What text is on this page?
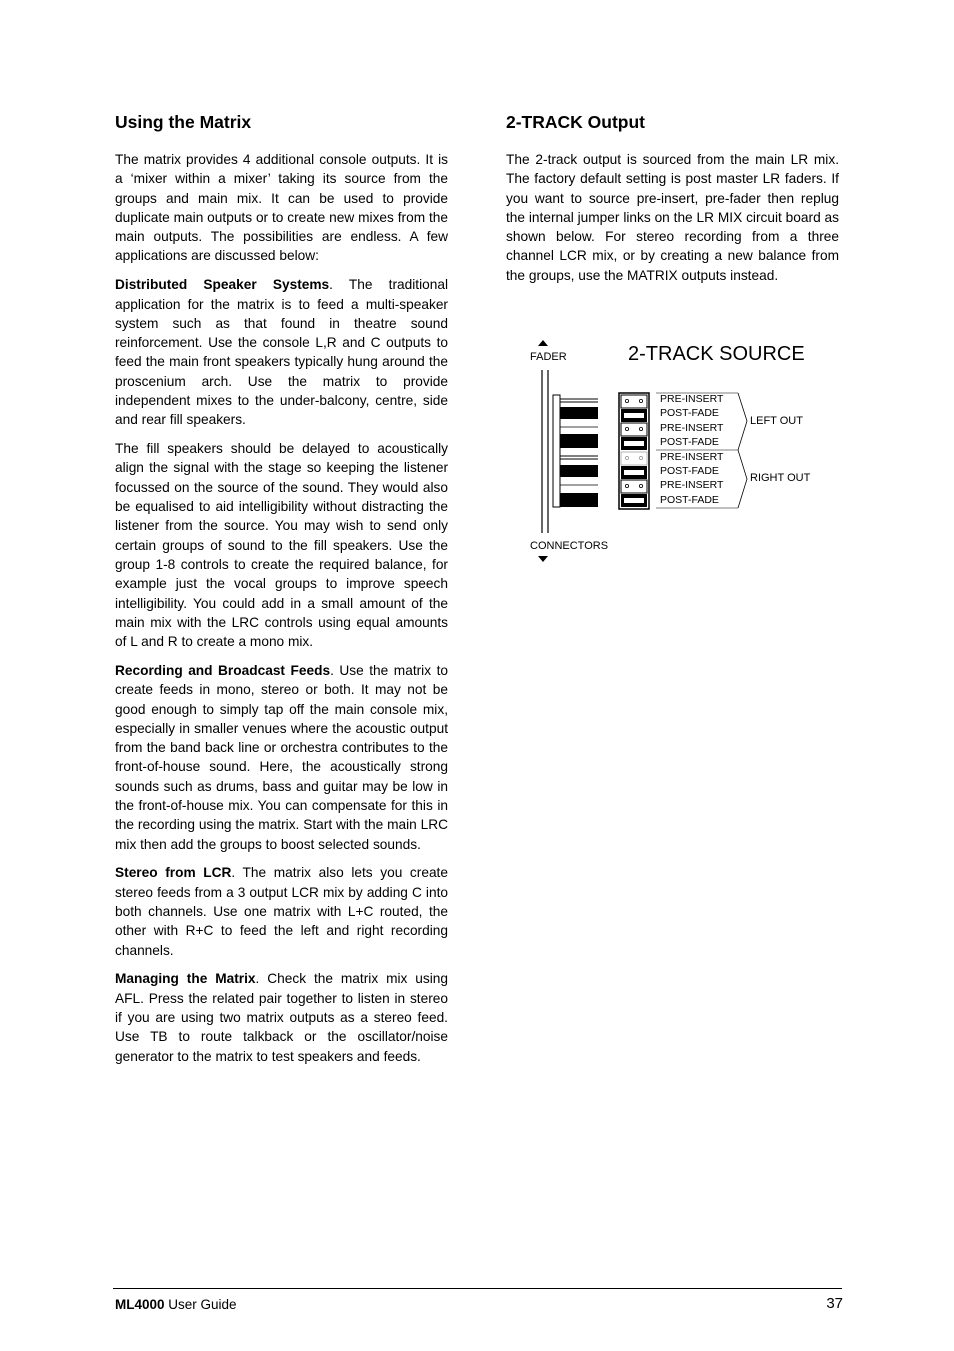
Using the Matrix

The matrix provides 4 additional console outputs. It is a ‘mixer within a mixer’ taking its source from the groups and main mix. It can be used to provide duplicate main outputs or to create new mixes from the main outputs. The possibilities are endless. A few applications are discussed below:

Distributed Speaker Systems. The traditional application for the matrix is to feed a multi-speaker system such as that found in theatre sound reinforcement. Use the console L,R and C outputs to feed the main front speakers typically hung around the proscenium arch. Use the matrix to provide independent mixes to the under-balcony, centre, side and rear fill speakers.

The fill speakers should be delayed to acoustically align the signal with the stage so keeping the listener focussed on the source of the sound. They would also be equalised to aid intelligibility without distracting the listener from the source. You may wish to send only certain groups of sound to the fill speakers. Use the group 1-8 controls to create the required balance, for example just the vocal groups to improve speech intelligibility. You could add in a small amount of the main mix with the LRC controls using equal amounts of L and R to create a mono mix.

Recording and Broadcast Feeds. Use the matrix to create feeds in mono, stereo or both. It may not be good enough to simply tap off the main console mix, especially in smaller venues where the acoustic output from the band back line or orchestra contributes to the front-of-house sound. Here, the acoustically strong sounds such as drums, bass and guitar may be low in the front-of-house mix. You can compensate for this in the recording using the matrix. Start with the main LRC mix then add the groups to boost selected sounds.

Stereo from LCR. The matrix also lets you create stereo feeds from a 3 output LCR mix by adding C into both channels. Use one matrix with L+C routed, the other with R+C to feed the left and right recording channels.

Managing the Matrix. Check the matrix mix using AFL. Press the related pair together to listen in stereo if you are using two matrix outputs as a stereo feed. Use TB to route talkback or the oscillator/noise generator to the matrix to test speakers and feeds.

2-TRACK Output

The 2-track output is sourced from the main LR mix. The factory default setting is post master LR faders. If you want to source pre-insert, pre-fader then replug the internal jumper links on the LR MIX circuit board as shown below. For stereo recording from a three channel LCR mix, or by creating a new balance from the groups, use the MATRIX outputs instead.

2-TRACK SOURCE
FADER
PRE-INSERT
POST-FADE
PRE-INSERT
POST-FADE
PRE-INSERT
POST-FADE
PRE-INSERT
POST-FADE
LEFT OUT
RIGHT OUT
CONNECTORS
ML4000 User Guide	37
